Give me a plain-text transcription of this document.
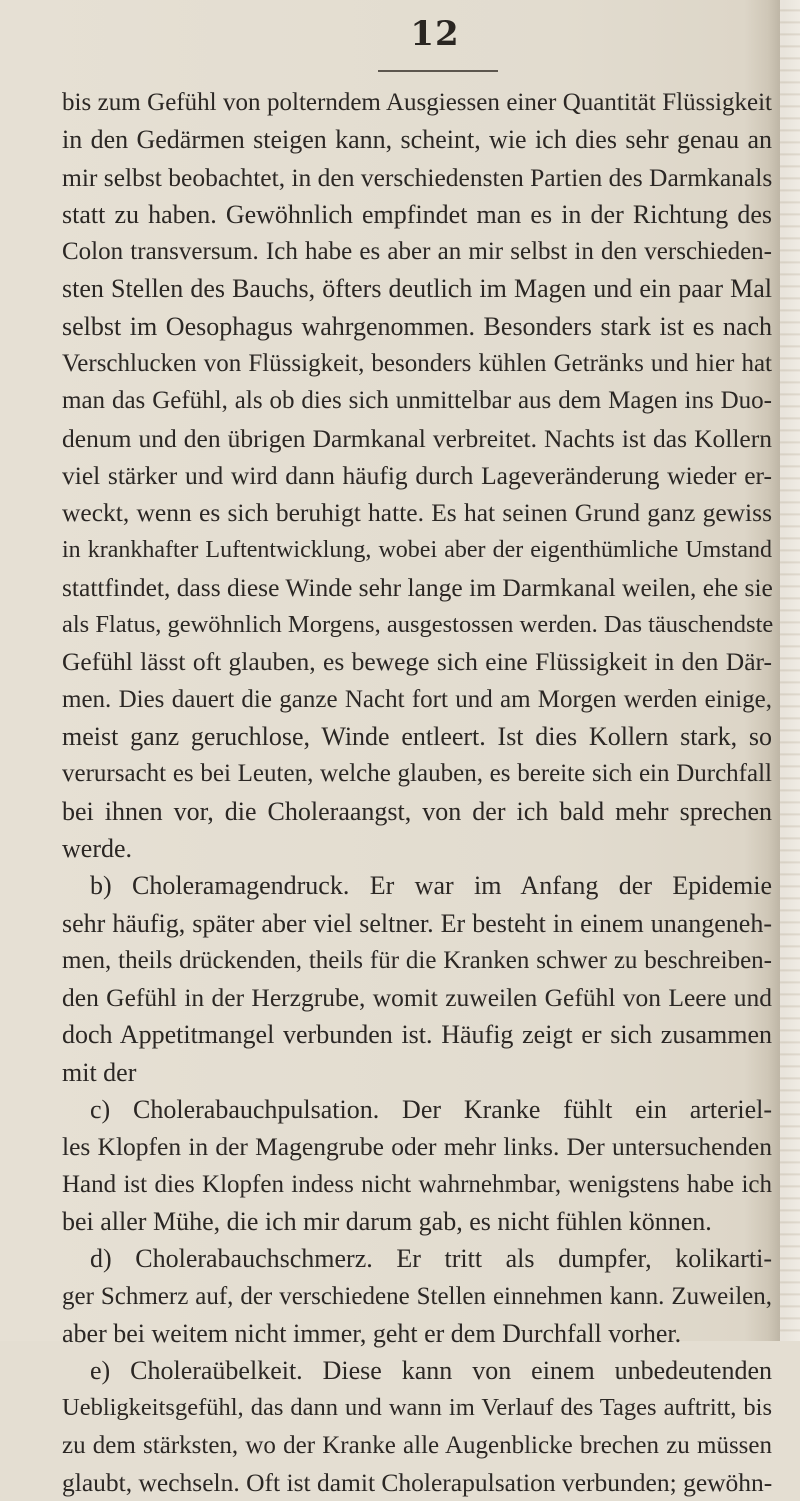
12
bis zum Gefühl von polterndem Ausgiessen einer Quantität Flüssigkeit
in den Gedärmen steigen kann, scheint, wie ich dies sehr genau an
mir selbst beobachtet, in den verschiedensten Partien des Darmkanals
statt zu haben. Gewöhnlich empfindet man es in der Richtung des
Colon transversum. Ich habe es aber an mir selbst in den verschieden-
sten Stellen des Bauchs, öfters deutlich im Magen und ein paar Mal
selbst im Oesophagus wahrgenommen. Besonders stark ist es nach
Verschlucken von Flüssigkeit, besonders kühlen Getränks und hier hat
man das Gefühl, als ob dies sich unmittelbar aus dem Magen ins Duo-
denum und den übrigen Darmkanal verbreitet. Nachts ist das Kollern
viel stärker und wird dann häufig durch Lageveränderung wieder er-
weckt, wenn es sich beruhigt hatte. Es hat seinen Grund ganz gewiss
in krankhafter Luftentwicklung, wobei aber der eigenthümliche Umstand
stattfindet, dass diese Winde sehr lange im Darmkanal weilen, ehe sie
als Flatus, gewöhnlich Morgens, ausgestossen werden. Das täuschendste
Gefühl lässt oft glauben, es bewege sich eine Flüssigkeit in den Där-
men. Dies dauert die ganze Nacht fort und am Morgen werden einige,
meist ganz geruchlose, Winde entleert. Ist dies Kollern stark, so
verursacht es bei Leuten, welche glauben, es bereite sich ein Durchfall
bei ihnen vor, die Choleraangst, von der ich bald mehr sprechen
werde.
b) Choleramagendruck. Er war im Anfang der Epidemie
sehr häufig, später aber viel seltner. Er besteht in einem unangeneh-
men, theils drückenden, theils für die Kranken schwer zu beschreiben-
den Gefühl in der Herzgrube, womit zuweilen Gefühl von Leere und
doch Appetitmangel verbunden ist. Häufig zeigt er sich zusammen
mit der
c) Cholerabauchpulsation. Der Kranke fühlt ein arteriel-
les Klopfen in der Magengrube oder mehr links. Der untersuchenden
Hand ist dies Klopfen indess nicht wahrnehmbar, wenigstens habe ich
bei aller Mühe, die ich mir darum gab, es nicht fühlen können.
d) Cholerabauchschmerz. Er tritt als dumpfer, kolikarti-
ger Schmerz auf, der verschiedene Stellen einnehmen kann. Zuweilen,
aber bei weitem nicht immer, geht er dem Durchfall vorher.
e) Choleraübelkeit. Diese kann von einem unbedeutenden
Uebligkeitsgefühl, das dann und wann im Verlauf des Tages auftritt, bis
zu dem stärksten, wo der Kranke alle Augenblicke brechen zu müssen
glaubt, wechseln. Oft ist damit Cholerapulsation verbunden; gewöhn-
